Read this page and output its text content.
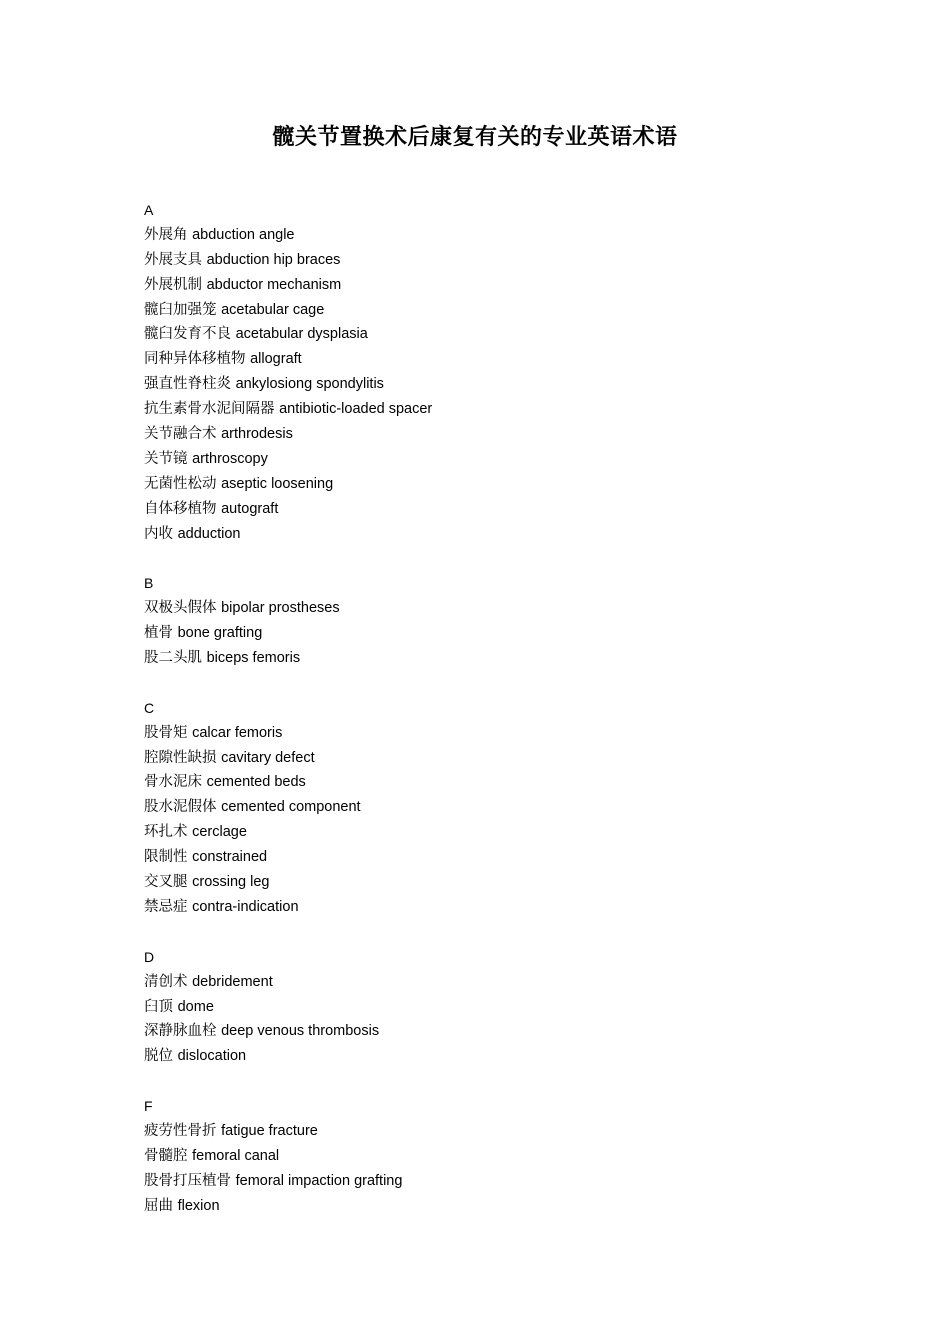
髋关节置换术后康复有关的专业英语术语
A
外展角 abduction angle
外展支具 abduction hip braces
外展机制 abductor mechanism
髋臼加强笼 acetabular cage
髋臼发育不良 acetabular dysplasia
同种异体移植物 allograft
强直性脊柱炎 ankylosiong spondylitis
抗生素骨水泥间隔器 antibiotic-loaded spacer
关节融合术 arthrodesis
关节镜 arthroscopy
无菌性松动 aseptic loosening
自体移植物 autograft
内收 adduction
B
双极头假体 bipolar prostheses
植骨 bone grafting
股二头肌 biceps femoris
C
股骨矩 calcar femoris
腔隙性缺损 cavitary defect
骨水泥床 cemented beds
股水泥假体 cemented component
环扎术 cerclage
限制性 constrained
交叉腿 crossing leg
禁忌症 contra-indication
D
清创术 debridement
臼顶 dome
深静脉血栓 deep venous thrombosis
脱位 dislocation
F
疲劳性骨折 fatigue fracture
骨髓腔 femoral canal
股骨打压植骨 femoral impaction grafting
屈曲 flexion
